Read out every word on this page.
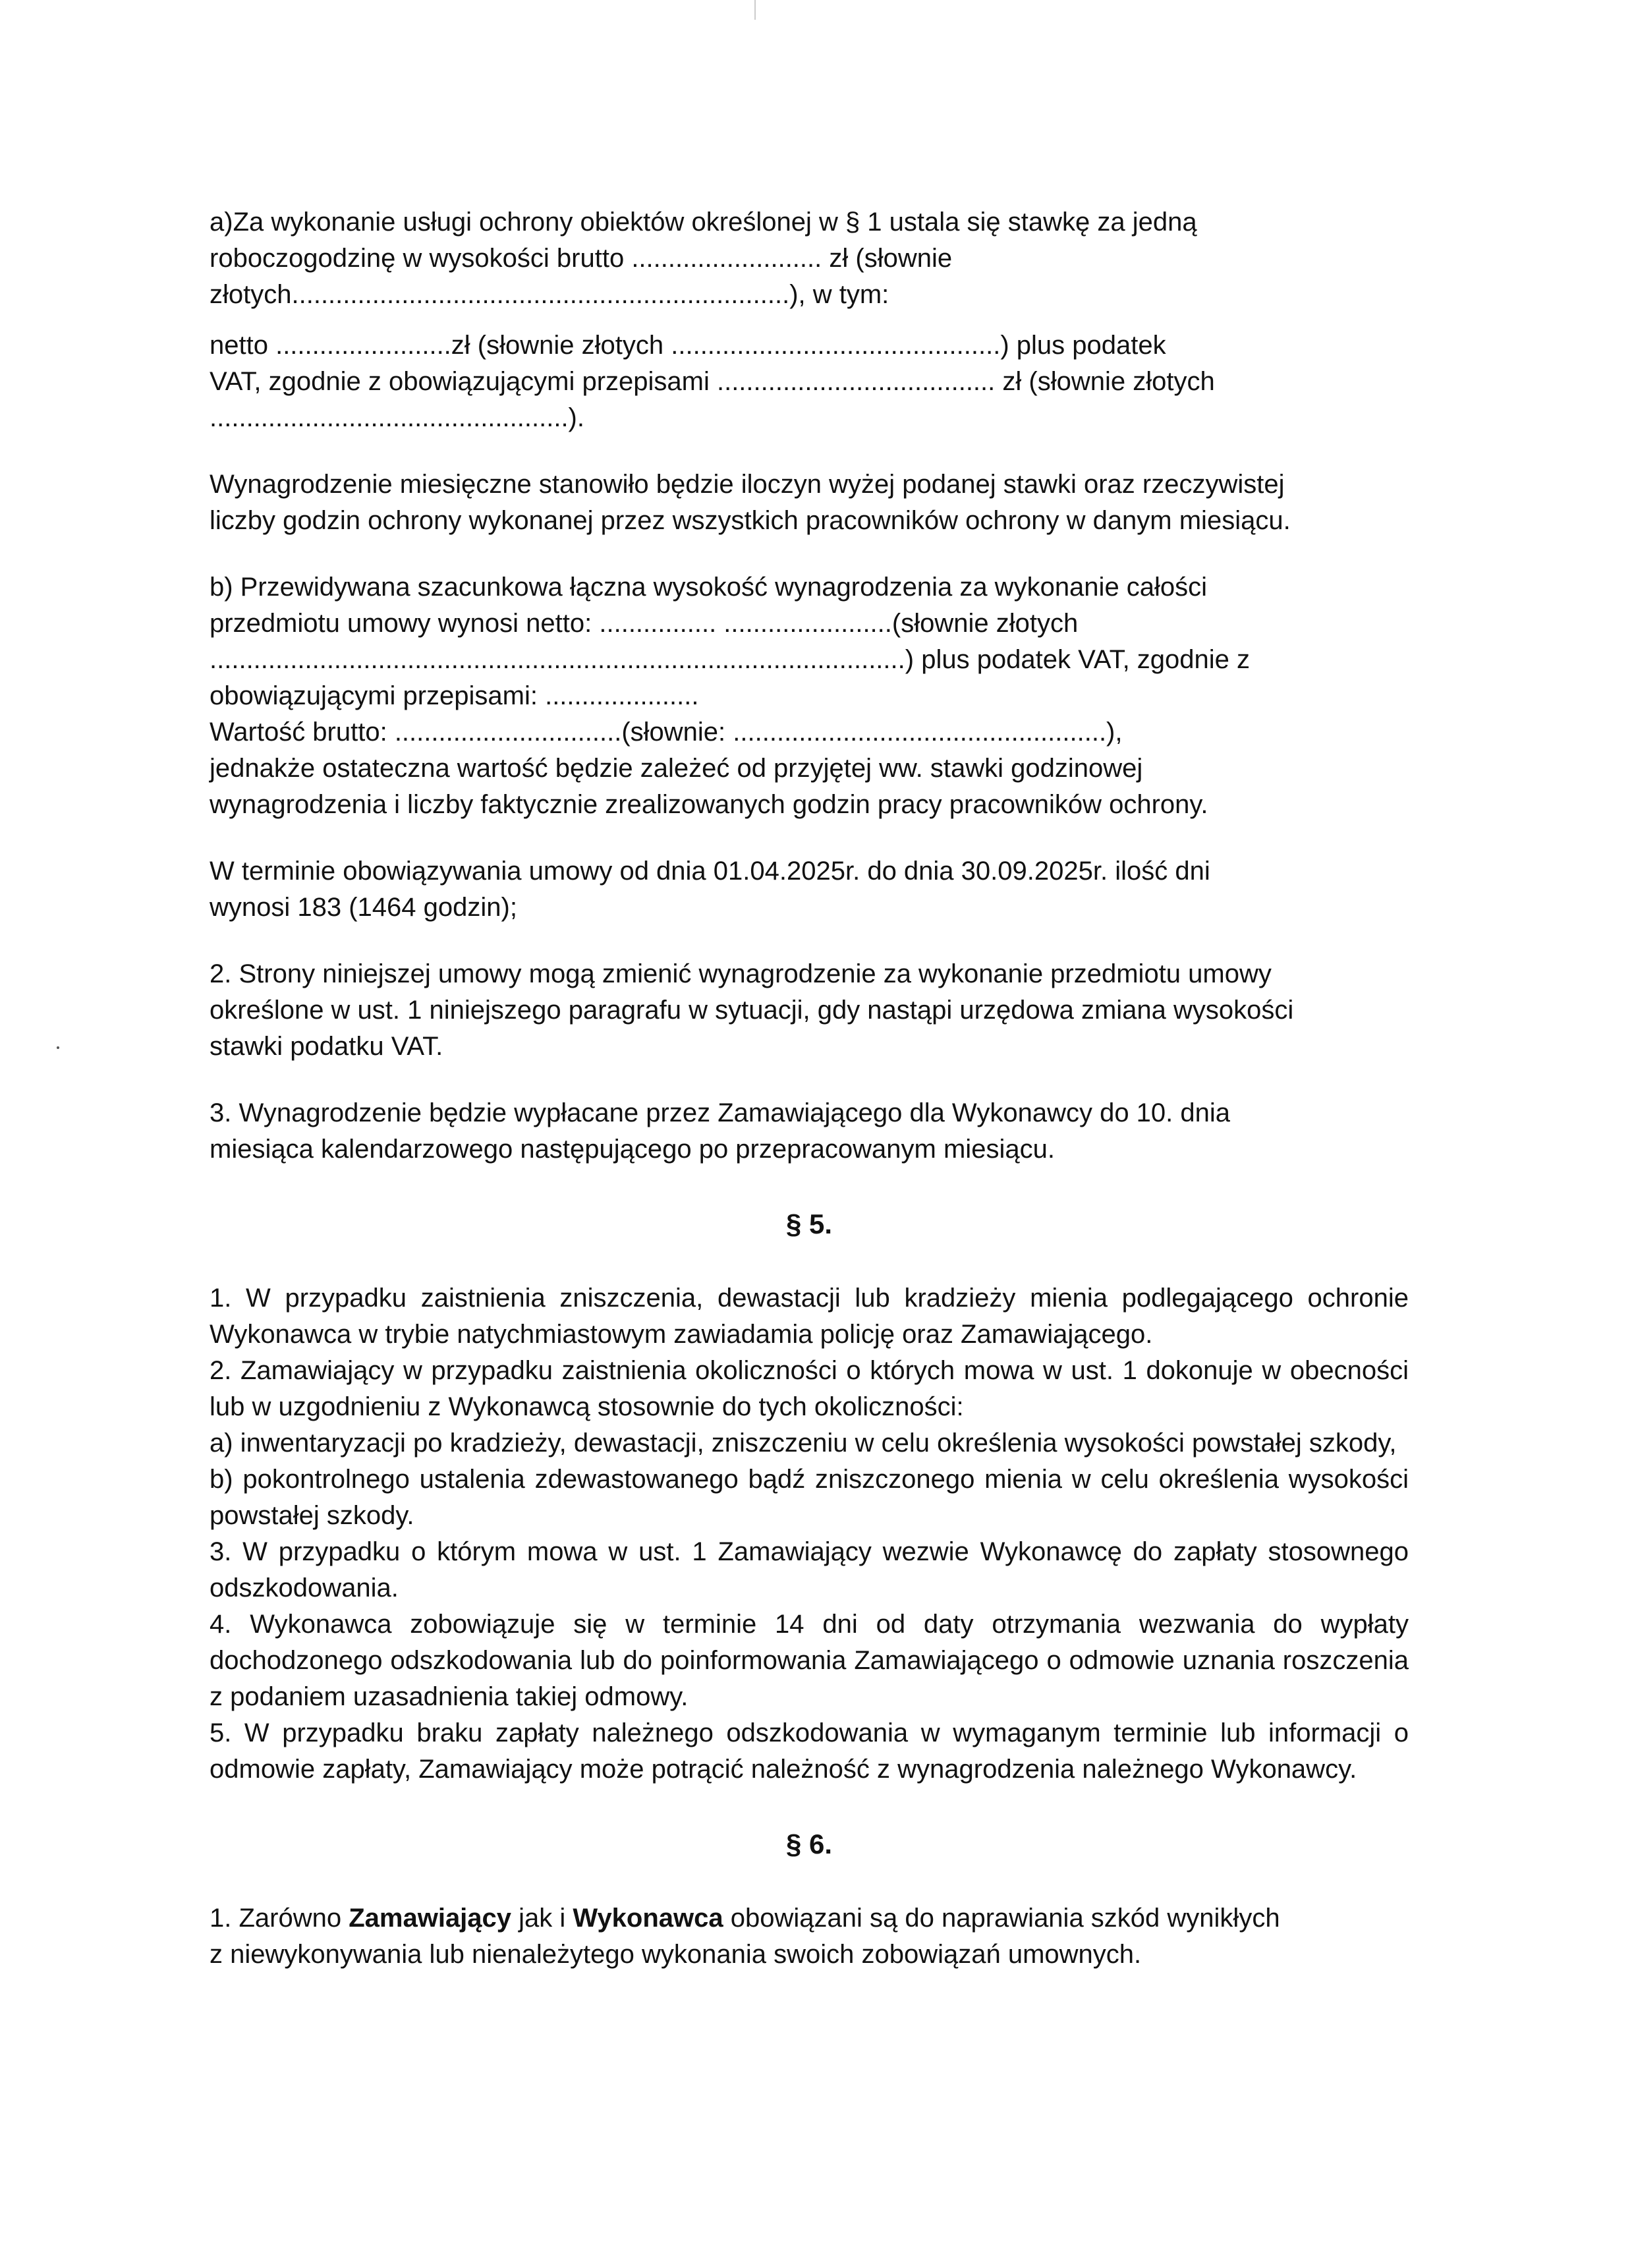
a)Za wykonanie usługi ochrony obiektów określonej w § 1 ustala się stawkę za jedną

roboczogodzinę w wysokości brutto .......................... zł (słownie

złotych....................................................................), w tym:

netto ........................zł (słownie złotych .............................................) plus podatek

VAT, zgodnie z obowiązującymi przepisami ...................................... zł (słownie złotych

.................................................).

Wynagrodzenie miesięczne stanowiło będzie iloczyn wyżej podanej stawki oraz rzeczywistej

liczby godzin ochrony wykonanej przez wszystkich pracowników ochrony w danym miesiącu.

b) Przewidywana szacunkowa łączna wysokość wynagrodzenia za wykonanie całości

przedmiotu umowy wynosi netto: ................ .......................(słownie złotych

...............................................................................................) plus podatek VAT, zgodnie z

obowiązującymi przepisami: .....................

Wartość brutto: ...............................(słownie: ...................................................),

jednakże ostateczna wartość będzie zależeć od przyjętej ww. stawki godzinowej

wynagrodzenia i liczby faktycznie zrealizowanych godzin pracy pracowników ochrony.

W terminie obowiązywania umowy od dnia 01.04.2025r. do dnia 30.09.2025r. ilość dni

wynosi 183 (1464 godzin);

2. Strony niniejszej umowy mogą zmienić wynagrodzenie za wykonanie przedmiotu umowy

określone w ust. 1 niniejszego paragrafu w sytuacji, gdy nastąpi urzędowa zmiana wysokości

stawki podatku VAT.

3. Wynagrodzenie będzie wypłacane przez Zamawiającego dla Wykonawcy do 10. dnia

miesiąca kalendarzowego następującego po przepracowanym miesiącu.

§ 5.

1. W przypadku zaistnienia zniszczenia, dewastacji lub kradzieży mienia podlegającego ochronie Wykonawca w trybie natychmiastowym zawiadamia policję oraz Zamawiającego.

2. Zamawiający w przypadku zaistnienia okoliczności o których mowa w ust. 1 dokonuje w obecności lub w uzgodnieniu z Wykonawcą stosownie do tych okoliczności:

a) inwentaryzacji po kradzieży, dewastacji, zniszczeniu w celu określenia wysokości powstałej szkody,

b) pokontrolnego ustalenia zdewastowanego bądź zniszczonego mienia w celu określenia wysokości powstałej szkody.

3. W przypadku o którym mowa w ust. 1 Zamawiający wezwie Wykonawcę do zapłaty stosownego odszkodowania.

4. Wykonawca zobowiązuje się w terminie 14 dni od daty otrzymania wezwania do wypłaty dochodzonego odszkodowania lub do poinformowania Zamawiającego o odmowie uznania roszczenia z podaniem uzasadnienia takiej odmowy.

5. W przypadku braku zapłaty należnego odszkodowania w wymaganym terminie lub informacji o odmowie zapłaty, Zamawiający może potrącić należność z wynagrodzenia należnego Wykonawcy.

§ 6.

1. Zarówno Zamawiający jak i Wykonawca obowiązani są do naprawiania szkód wynikłych

z niewykonywania lub nienależytego wykonania swoich zobowiązań umownych.
